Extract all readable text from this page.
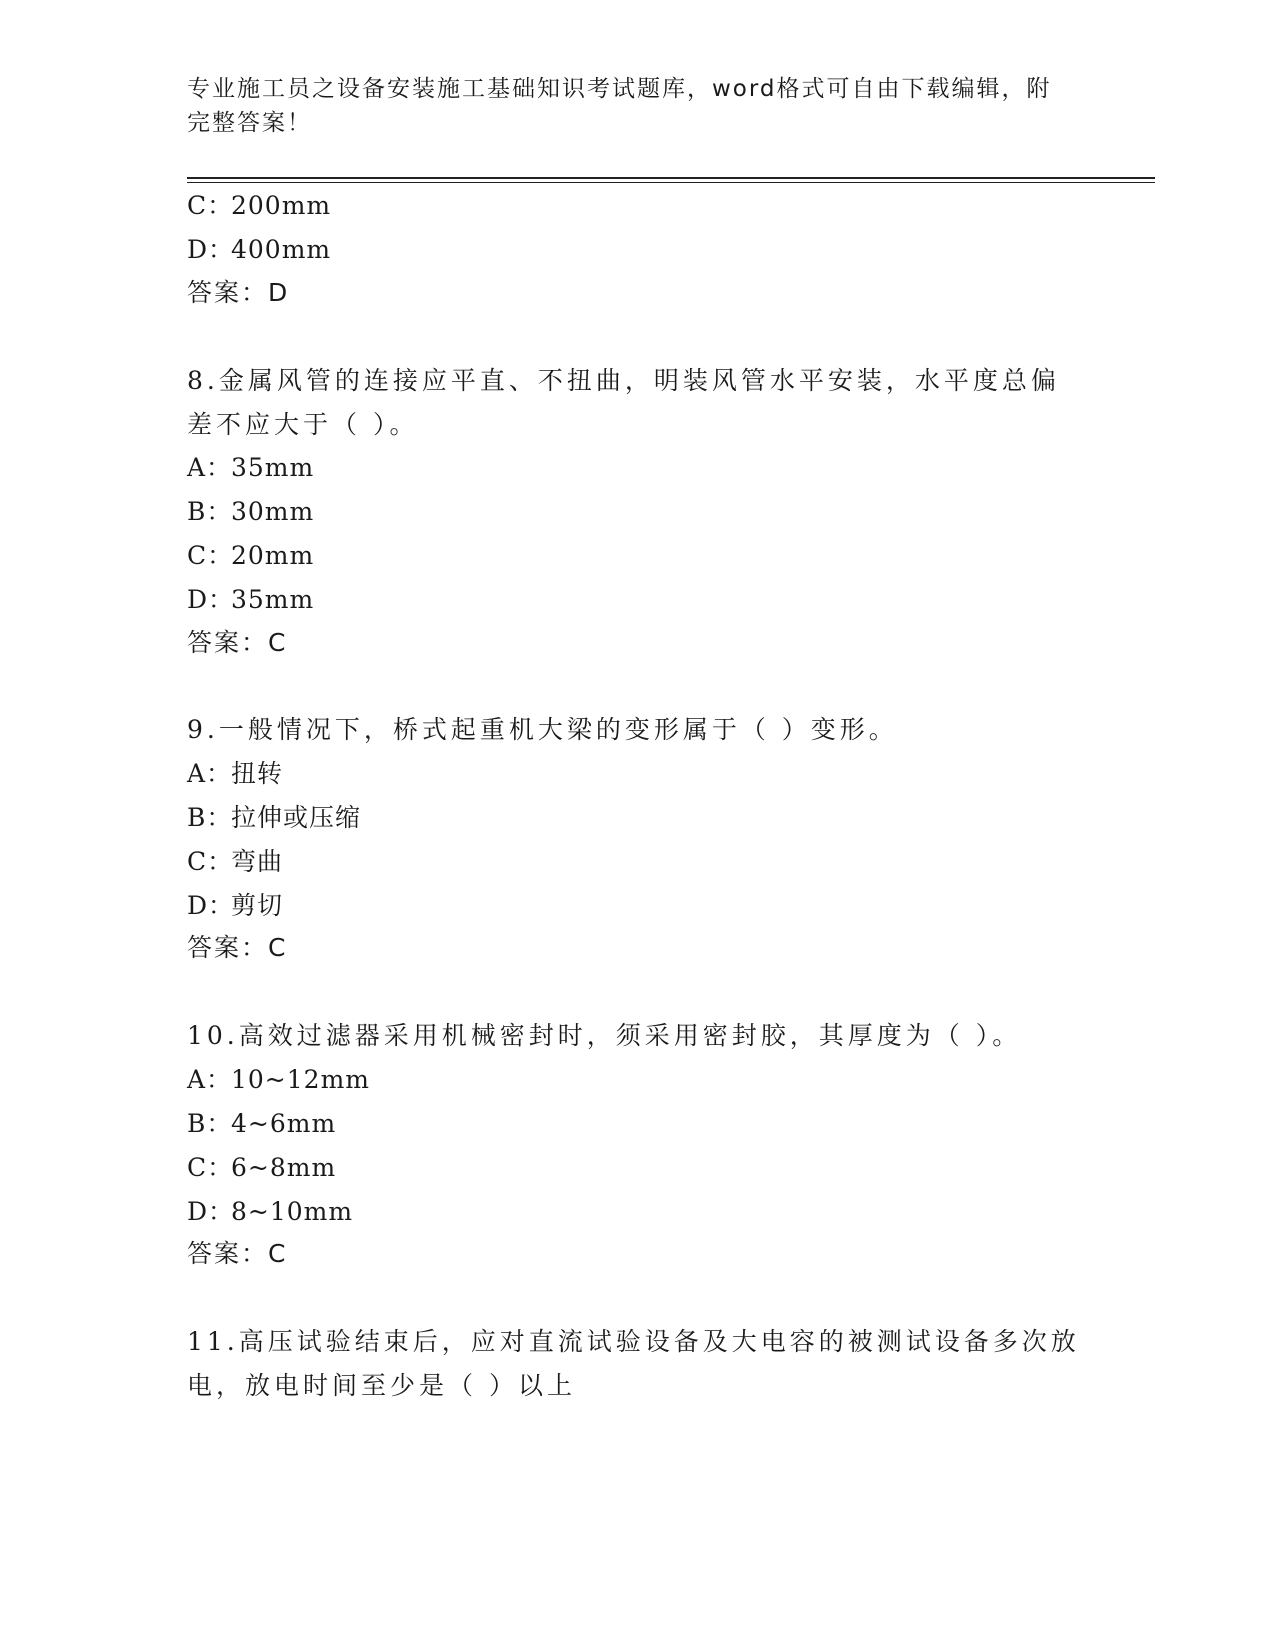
专业施工员之设备安装施工基础知识考试题库，word格式可自由下载编辑，附完整答案！
C：200mm
D：400mm
答案：D
8.金属风管的连接应平直、不扭曲，明装风管水平安装，水平度总偏
差不应大于（ ）。
A：35mm
B：30mm
C：20mm
D：35mm
答案：C
9.一般情况下，桥式起重机大梁的变形属于（ ）变形。
A：扭转
B：拉伸或压缩
C：弯曲
D：剪切
答案：C
10.高效过滤器采用机械密封时，须采用密封胶，其厚度为（ ）。
A：10~12mm
B：4~6mm
C：6~8mm
D：8~10mm
答案：C
11.高压试验结束后，应对直流试验设备及大电容的被测试设备多次放
电，放电时间至少是（ ）以上
